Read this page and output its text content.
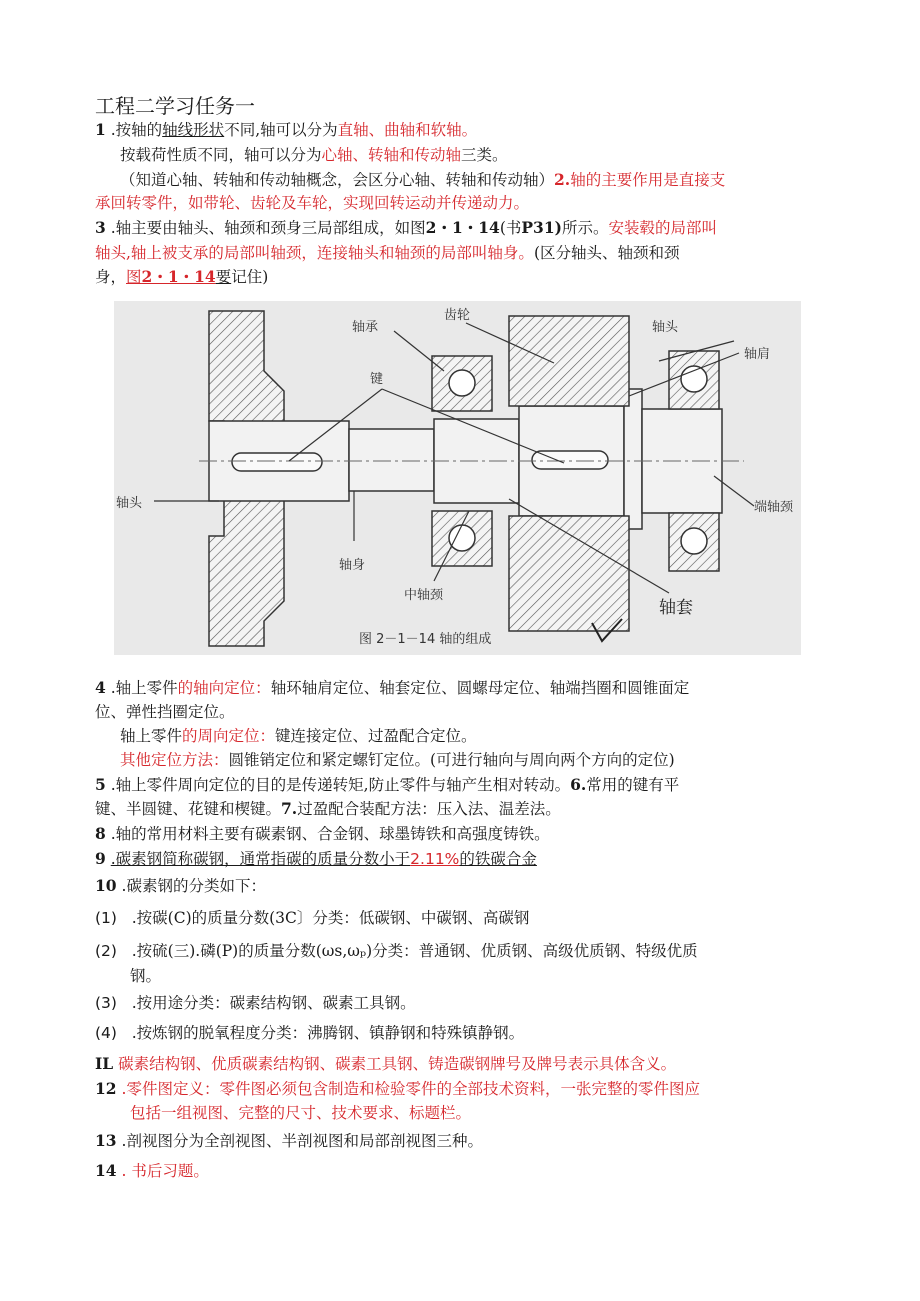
工程二学习任务一
1 .按轴的轴线形状不同,轴可以分为直轴、曲轴和软轴。
按载荷性质不同，轴可以分为心轴、转轴和传动轴三类。
（知道心轴、转轴和传动轴概念，会区分心轴、转轴和传动轴）2.轴的主要作用是直接支
承回转零件，如带轮、齿轮及车轮，实现回转运动并传递动力。
3 .轴主要由轴头、轴颈和颈身三局部组成，如图2・1・14(书P31)所示。安装毂的局部叫
轴头,轴上被支承的局部叫轴颈，连接轴头和轴颈的局部叫轴身。(区分轴头、轴颈和颈
身，图2・1・14要记住)
齿轮
轴承	轴头
轴肩
键
轴头	端轴颈
轴身
中轴颈
轴套
图 2－1－14 轴的组成
4 .轴上零件的轴向定位：轴环轴肩定位、轴套定位、圆螺母定位、轴端挡圈和圆锥面定
位、弹性挡圈定位。
轴上零件的周向定位：键连接定位、过盈配合定位。
其他定位方法：圆锥销定位和紧定螺钉定位。(可进行轴向与周向两个方向的定位)
5 .轴上零件周向定位的目的是传递转矩,防止零件与轴产生相对转动。6.常用的键有平
键、半圆键、花键和楔键。7.过盈配合装配方法：压入法、温差法。
8 .轴的常用材料主要有碳素钢、合金钢、球墨铸铁和高强度铸铁。
9 .碳素钢简称碳钢，通常指碳的质量分数小于2.11%的铁碳合金
10 .碳素钢的分类如下：
(1) .按碳(C)的质量分数(3C〕分类：低碳钢、中碳钢、高碳钢
(2) .按硫(三).磷(P)的质量分数(ωs,ωₚ)分类：普通钢、优质钢、高级优质钢、特级优质
钢。
(3) .按用途分类：碳素结构钢、碳素工具钢。
(4) .按炼钢的脱氧程度分类：沸腾钢、镇静钢和特殊镇静钢。
IL 碳素结构钢、优质碳素结构钢、碳素工具钢、铸造碳钢牌号及牌号表示具体含义。
12 .零件图定义：零件图必须包含制造和检验零件的全部技术资料，一张完整的零件图应
包括一组视图、完整的尺寸、技术要求、标题栏。
13 .剖视图分为全剖视图、半剖视图和局部剖视图三种。
14 . 书后习题。
